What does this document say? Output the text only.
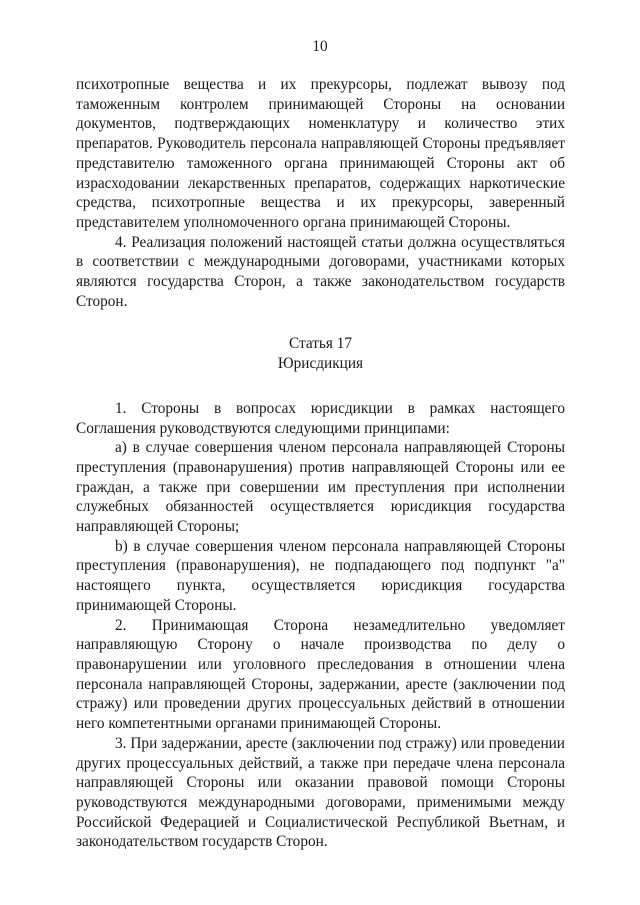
10

психотропные вещества и их прекурсоры, подлежат вывозу под таможенным контролем принимающей Стороны на основании документов, подтверждающих номенклатуру и количество этих препаратов. Руководитель персонала направляющей Стороны предъявляет представителю таможенного органа принимающей Стороны акт об израсходовании лекарственных препаратов, содержащих наркотические средства, психотропные вещества и их прекурсоры, заверенный представителем уполномоченного органа принимающей Стороны.

4. Реализация положений настоящей статьи должна осуществляться в соответствии с международными договорами, участниками которых являются государства Сторон, а также законодательством государств Сторон.

Статья 17

Юрисдикция

1. Стороны в вопросах юрисдикции в рамках настоящего Соглашения руководствуются следующими принципами:

a) в случае совершения членом персонала направляющей Стороны преступления (правонарушения) против направляющей Стороны или ее граждан, а также при совершении им преступления при исполнении служебных обязанностей осуществляется юрисдикция государства направляющей Стороны;

b) в случае совершения членом персонала направляющей Стороны преступления (правонарушения), не подпадающего под подпункт "а" настоящего пункта, осуществляется юрисдикция государства принимающей Стороны.

2. Принимающая Сторона незамедлительно уведомляет направляющую Сторону о начале производства по делу о правонарушении или уголовного преследования в отношении члена персонала направляющей Стороны, задержании, аресте (заключении под стражу) или проведении других процессуальных действий в отношении него компетентными органами принимающей Стороны.

3. При задержании, аресте (заключении под стражу) или проведении других процессуальных действий, а также при передаче члена персонала направляющей Стороны или оказании правовой помощи Стороны руководствуются международными договорами, применимыми между Российской Федерацией и Социалистической Республикой Вьетнам, и законодательством государств Сторон.
